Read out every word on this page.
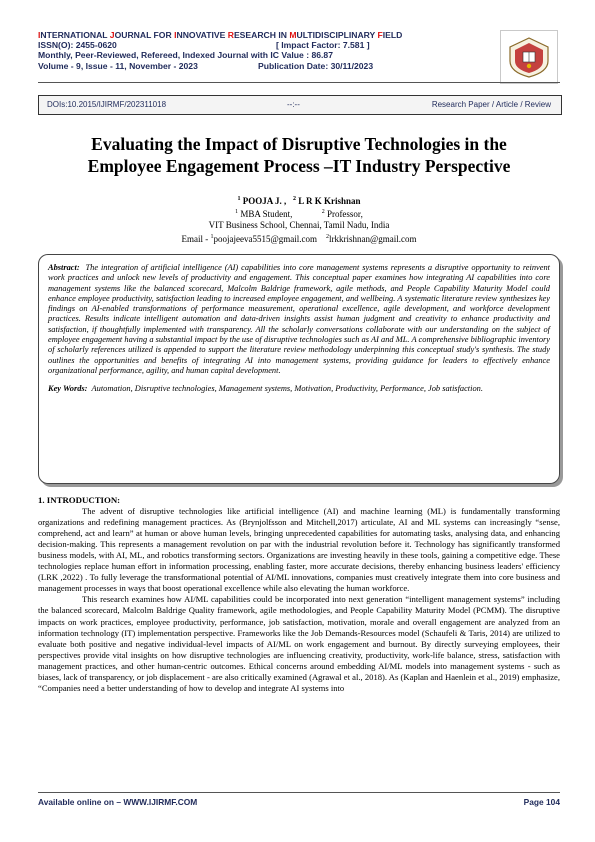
INTERNATIONAL JOURNAL FOR INNOVATIVE RESEARCH IN MULTIDISCIPLINARY FIELD
ISSN(O): 2455-0620	[ Impact Factor: 7.581 ]
Monthly, Peer-Reviewed, Refereed, Indexed Journal with IC Value : 86.87
Volume - 9, Issue - 11, November - 2023	Publication Date: 30/11/2023
DOIs:10.2015/IJIRMF/202311018	--:--	Research Paper / Article / Review
Evaluating the Impact of Disruptive Technologies in the
Employee Engagement Process –IT Industry Perspective
$^1$ POOJA J. , $^2$ L R K Krishnan
$^1$ MBA Student,	$^2$ Professor,
VIT Business School, Chennai, Tamil Nadu, India
Email - $^1$poojajeeva5515@gmail.com $^2$lrkkrishnan@gmail.com
Abstract: The integration of artificial intelligence (AI) capabilities into core management systems represents a disruptive opportunity to reinvent work practices and unlock new levels of productivity and engagement. This conceptual paper examines how integrating AI capabilities into core management systems like the balanced scorecard, Malcolm Baldrige framework, agile methods, and People Capability Maturity Model could enhance employee productivity, satisfaction leading to increased employee engagement, and wellbeing. A systematic literature review synthesizes key findings on AI-enabled transformations of performance measurement, operational excellence, agile development, and workforce development practices. Results indicate intelligent automation and data-driven insights assist human judgment and creativity to enhance productivity and satisfaction, if thoughtfully implemented with transparency. All the scholarly conversations collaborate with our understanding on the subject of employee engagement having a substantial impact by the use of disruptive technologies such as AI and ML. A comprehensive bibliographic inventory of scholarly references utilized is appended to support the literature review methodology underpinning this conceptual study's synthesis. The study outlines the opportunities and benefits of integrating AI into management systems, providing guidance for leaders to effectively enhance organizational performance, agility, and human capital development.
Key Words: Automation, Disruptive technologies, Management systems, Motivation, Productivity, Performance, Job satisfaction.
1. INTRODUCTION:

The advent of disruptive technologies like artificial intelligence (AI) and machine learning (ML) is fundamentally transforming organizations and redefining management practices. As (Brynjolfsson and Mitchell,2017) articulate, AI and ML systems can increasingly “sense, comprehend, act and learn” at human or above human levels, bringing unprecedented capabilities for automating tasks, analysing data, and enhancing decision-making. This represents a management revolution on par with the industrial revolution before it. Technology has significantly transformed business models, with AI, ML, and robotics transforming sectors. Organizations are investing heavily in these tools, gaining a competitive edge. These technologies replace human effort in information processing, enabling faster, more accurate decisions, thereby enhancing business leaders' efficiency (LRK ,2022) . To fully leverage the transformational potential of AI/ML innovations, companies must creatively integrate them into core business and management processes in ways that boost operational excellence while also elevating the human workforce.

This research examines how AI/ML capabilities could be incorporated into next generation “intelligent management systems” including the balanced scorecard, Malcolm Baldrige Quality framework, agile methodologies, and People Capability Maturity Model (PCMM). The disruptive impacts on work practices, employee productivity, performance, job satisfaction, motivation, morale and overall engagement are analyzed from an information technology (IT) implementation perspective. Frameworks like the Job Demands-Resources model (Schaufeli & Taris, 2014) are utilized to evaluate both positive and negative individual-level impacts of AI/ML on work engagement and burnout. By directly surveying employees, their perspectives provide vital insights on how disruptive technologies are influencing creativity, productivity, work-life balance, stress, satisfaction with management practices, and other human-centric outcomes. Ethical concerns around embedding AI/ML models into management systems - such as biases, lack of transparency, or job displacement - are also critically examined (Agrawal et al., 2018). As (Kaplan and Haenlein et al., 2019) emphasize, “Companies need a better understanding of how to develop and integrate AI systems into

Available online on – WWW.IJIRMF.COM	Page 104
